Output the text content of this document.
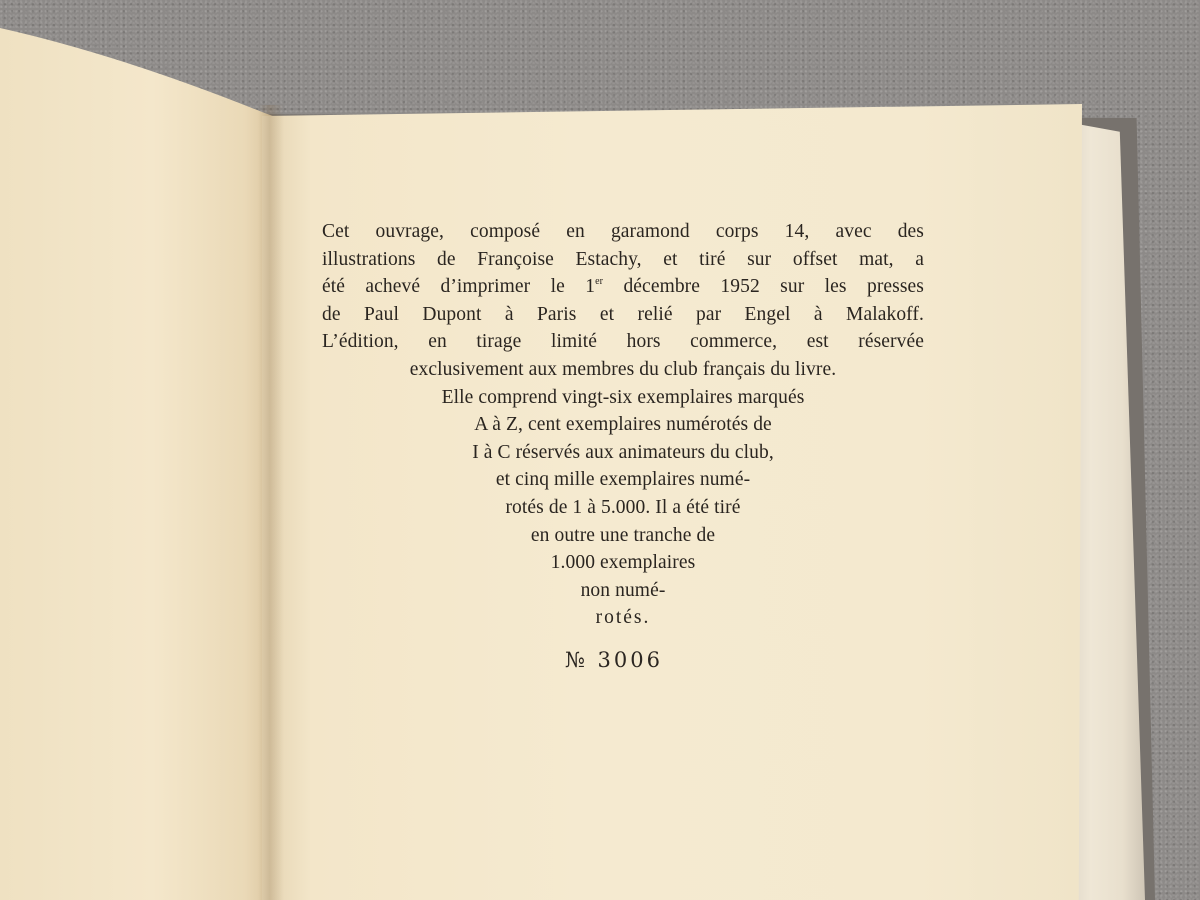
Cet ouvrage, composé en garamond corps 14, avec des
illustrations de Françoise Estachy, et tiré sur offset mat, a
été achevé d’imprimer le 1er décembre 1952 sur les presses
de Paul Dupont à Paris et relié par Engel à Malakoff.
L’édition, en tirage limité hors commerce, est réservée
exclusivement aux membres du club français du livre.
Elle comprend vingt-six exemplaires marqués
A à Z, cent exemplaires numérotés de
I à C réservés aux animateurs du club,
et cinq mille exemplaires numé-
rotés de 1 à 5.000. Il a été tiré
en outre une tranche de
1.000 exemplaires
non numé-
rotés.
№ 3006
